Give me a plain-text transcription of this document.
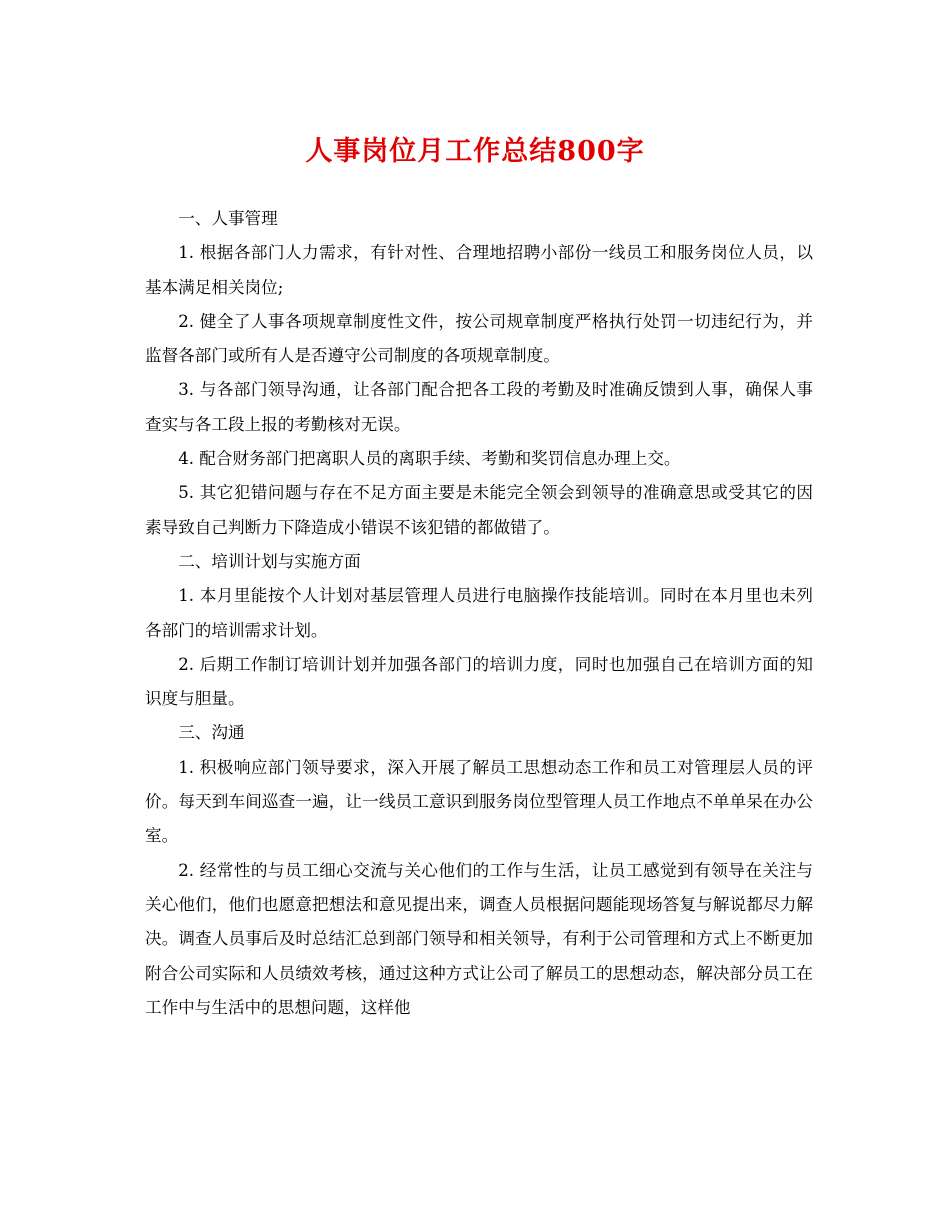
人事岗位月工作总结800字

一、人事管理

1. 根据各部门人力需求，有针对性、合理地招聘小部份一线员工和服务岗位人员，以基本满足相关岗位;

2. 健全了人事各项规章制度性文件，按公司规章制度严格执行处罚一切违纪行为，并监督各部门或所有人是否遵守公司制度的各项规章制度。

3. 与各部门领导沟通，让各部门配合把各工段的考勤及时准确反馈到人事，确保人事查实与各工段上报的考勤核对无误。

4. 配合财务部门把离职人员的离职手续、考勤和奖罚信息办理上交。

5. 其它犯错问题与存在不足方面主要是未能完全领会到领导的准确意思或受其它的因素导致自己判断力下降造成小错误不该犯错的都做错了。

二、培训计划与实施方面

1. 本月里能按个人计划对基层管理人员进行电脑操作技能培训。同时在本月里也未列各部门的培训需求计划。

2. 后期工作制订培训计划并加强各部门的培训力度，同时也加强自己在培训方面的知识度与胆量。

三、沟通

1. 积极响应部门领导要求，深入开展了解员工思想动态工作和员工对管理层人员的评价。每天到车间巡查一遍，让一线员工意识到服务岗位型管理人员工作地点不单单呆在办公室。

2. 经常性的与员工细心交流与关心他们的工作与生活，让员工感觉到有领导在关注与关心他们，他们也愿意把想法和意见提出来，调查人员根据问题能现场答复与解说都尽力解决。调查人员事后及时总结汇总到部门领导和相关领导，有利于公司管理和方式上不断更加附合公司实际和人员绩效考核，通过这种方式让公司了解员工的思想动态，解决部分员工在工作中与生活中的思想问题，这样他
